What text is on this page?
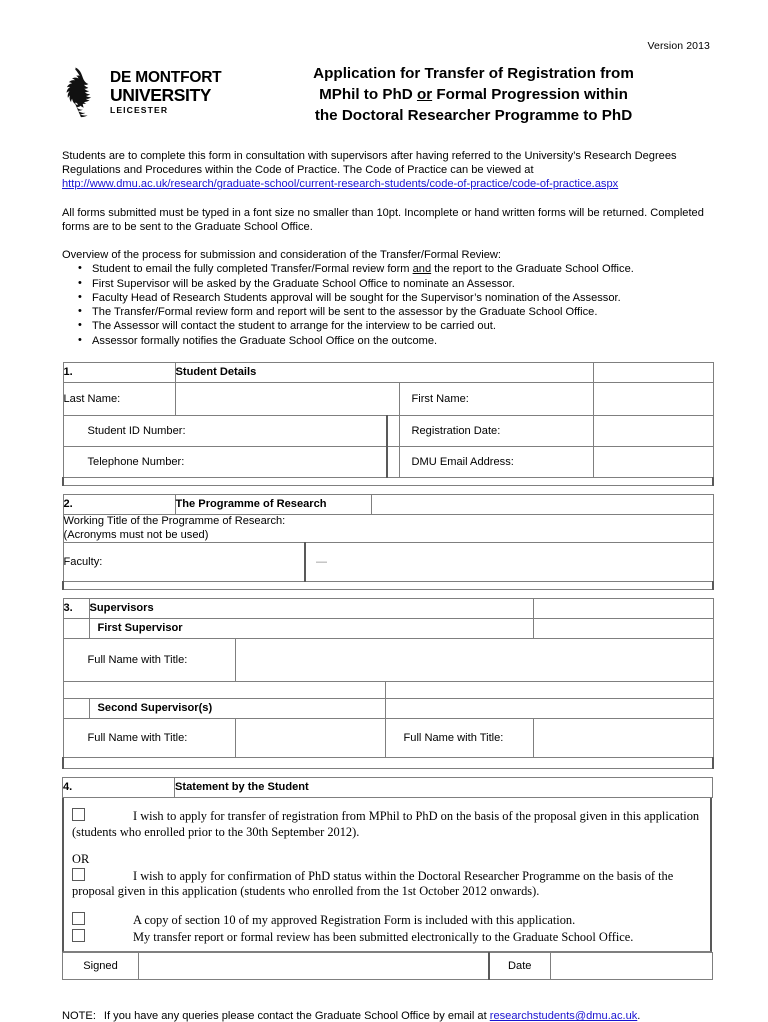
Version 2013
DE MONTFORT
UNIVERSITY
LEICESTER
Application for Transfer of Registration from
MPhil to PhD or Formal Progression within
the Doctoral Researcher Programme to PhD

Students are to complete this form in consultation with supervisors after having referred to the University’s Research Degrees Regulations and Procedures within the Code of Practice. The Code of Practice can be viewed at http://www.dmu.ac.uk/research/graduate-school/current-research-students/code-of-practice/code-of-practice.aspx

All forms submitted must be typed in a font size no smaller than 10pt. Incomplete or hand written forms will be returned. Completed forms are to be sent to the Graduate School Office.

Overview of the process for submission and consideration of the Transfer/Formal Review:

• Student to email the fully completed Transfer/Formal review form and the report to the Graduate School Office.
• First Supervisor will be asked by the Graduate School Office to nominate an Assessor.
• Faculty Head of Research Students approval will be sought for the Supervisor’s nomination of the Assessor.
• The Transfer/Formal review form and report will be sent to the assessor by the Graduate School Office.
• The Assessor will contact the student to arrange for the interview to be carried out.
• Assessor formally notifies the Graduate School Office on the outcome.
1.	Student Details			
Last Name:			First Name:	
Student ID Number:			Registration Date:	
Telephone Number:			DMU Email Address:	

2.	The Programme of Research		

Working Title of the Programme of Research:
(Acronyms must not be used)			

Faculty:		—	

3.	Supervisors			
	First Supervisor			
Full Name with Title:				

	Second Supervisor(s)			
Full Name with Title:			Full Name with Title:	

4.	Statement by the Student

I wish to apply for transfer of registration from MPhil to PhD on the basis of the proposal given in this application (students who enrolled prior to the 30th September 2012).

OR

I wish to apply for confirmation of PhD status within the Doctoral Researcher Programme on the basis of the proposal given in this application (students who enrolled from the 1st October 2012 onwards).

A copy of section 10 of my approved Registration Form is included with this application.

My transfer report or formal review has been submitted electronically to the Graduate School Office.

Signed		Date	
NOTE: If you have any queries please contact the Graduate School Office by email at researchstudents@dmu.ac.uk.
